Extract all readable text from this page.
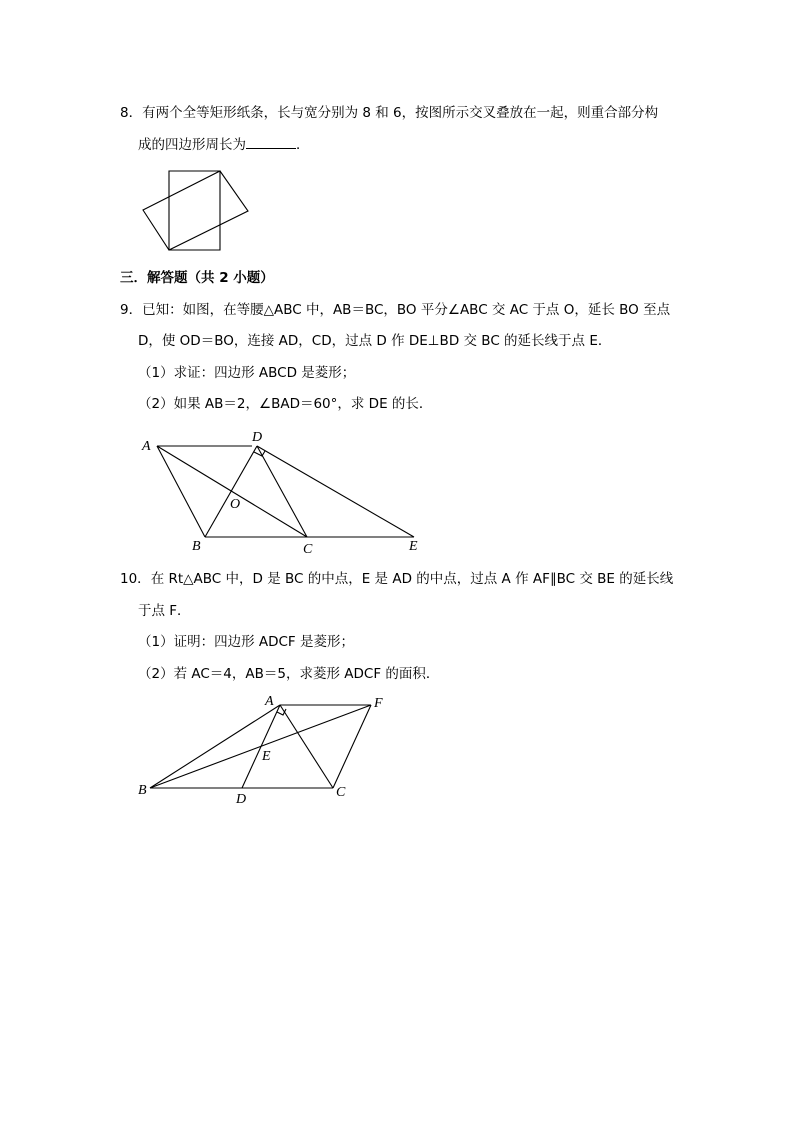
8．有两个全等矩形纸条，长与宽分别为 8 和 6，按图所示交叉叠放在一起，则重合部分构
成的四边形周长为	．
三．解答题（共 2 小题）
9．已知：如图，在等腰△ABC 中，AB＝BC，BO 平分∠ABC 交 AC 于点 O，延长 BO 至点
D，使 OD＝BO，连接 AD，CD，过点 D 作 DE⊥BD 交 BC 的延长线于点 E．
（1）求证：四边形 ABCD 是菱形；
（2）如果 AB＝2，∠BAD＝60°，求 DE 的长．
A
D
O
B	C	E
10．在 Rt△ABC 中，D 是 BC 的中点，E 是 AD 的中点，过点 A 作 AF∥BC 交 BE 的延长线
于点 F．
（1）证明：四边形 ADCF 是菱形；
（2）若 AC＝4，AB＝5，求菱形 ADCF 的面积．
A	F
E
B
D	C
